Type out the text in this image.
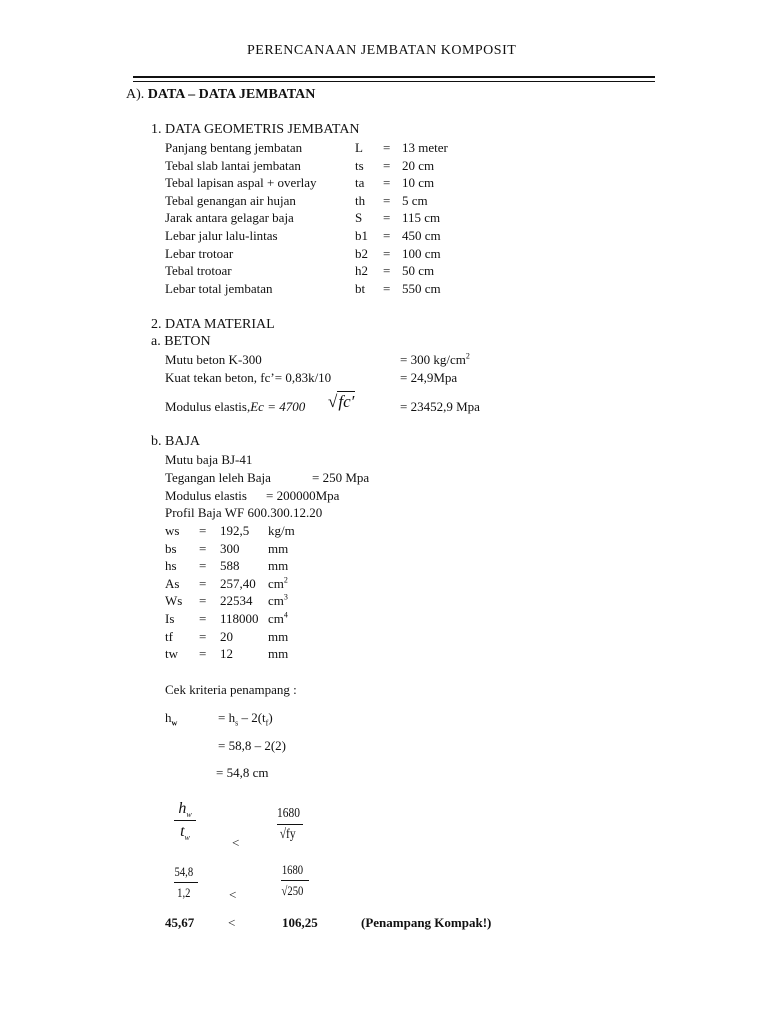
PERENCANAAN JEMBATAN KOMPOSIT
A). DATA – DATA JEMBATAN
1. DATA GEOMETRIS JEMBATAN
Panjang bentang jembatan	L = 13 meter
Tebal slab lantai jembatan	ts = 20 cm
Tebal lapisan aspal + overlay	ta = 10 cm
Tebal genangan air hujan	th = 5 cm
Jarak antara gelagar baja	S = 115 cm
Lebar jalur lalu-lintas	b1 = 450 cm
Lebar trotoar	b2 = 100 cm
Tebal trotoar	h2 = 50 cm
Lebar total jembatan	bt = 550 cm
2. DATA MATERIAL
a. BETON
Mutu beton K-300	= 300 $kg/cm^2$
Kuat tekan beton, fc’= 0,83k/10	= 24,9Mpa
Modulus elastis,Ec = 4700 √fc′	= 23452,9 Mpa
b. BAJA
Mutu baja BJ-41
Tegangan leleh Baja	= 250 Mpa
Modulus elastis = 200000Mpa
Profil Baja WF 600.300.12.20
ws = 192,5 kg/m
bs = 300 mm
hs = 588 mm
As = 257,40 $cm^2$
Ws = 22534 $cm^3$
Is = 118000 $cm^4$
tf = 20	mm
tw = 12	mm
Cek kriteria penampang :
$h_w$	= $h_s - 2(t_f)$
= 58,8 – 2(2)
= 54,8 cm
$h_w$
$t_w$	<
1680
√fy
54,8
1,2	<
1680
√250
45,67	<	106,25	(Penampang Kompak!)
